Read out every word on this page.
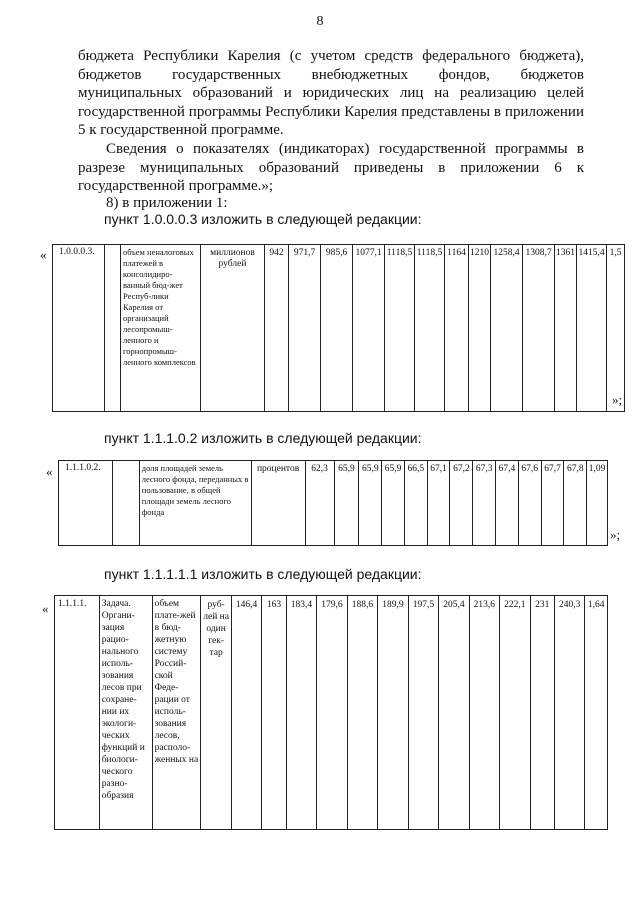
8
бюджета Республики Карелия (с учетом средств федерального бюджета),
бюджетов государственных внебюджетных фондов, бюджетов
муниципальных образований и юридических лиц на реализацию целей
государственной программы Республики Карелия представлены в приложении
5 к государственной программе.
Сведения о показателях (индикаторах) государственной программы в
разрезе муниципальных образований приведены в приложении 6 к
государственной программе.»;
8) в приложении 1:
пункт 1.0.0.0.3 изложить в следующей редакции:
« 1.0.0.0.3.		объем неналоговых платежей в консолидиро-ванный бюд-жет Респуб-лики Карелия от организаций лесопромыш-ленного и горнопромыш-ленного комплексов	миллионов рублей	942	971,7	985,6	1077,1	1118,5	1118,5	1164	1210	1258,4	1308,7	1361	1415,4	1,5
»;
пункт 1.1.1.0.2 изложить в следующей редакции:
« 1.1.1.0.2.		доля площадей земель лесного фонда, переданных в пользование, в общей площади земель лесного фонда	процентов	62,3	65,9	65,9	65,9	66,5	67,1	67,2	67,3	67,4	67,6	67,7	67,8	1,09
»;
пункт 1.1.1.1.1 изложить в следующей редакции:
« 1.1.1.1.	Задача. Органи-зация рацио-нального исполь-зования лесов при сохране-нии их экологи-ческих функций и биологи-ческого разно-образия	объем плате-жей в бюд-жетную систему Россий-ской Феде-рации от исполь-зования лесов, располо-женных на	руб-лей на один гек-тар	146,4	163	183,4	179,6	188,6	189,9	197,5	205,4	213,6	222,1	231	240,3	1,64
